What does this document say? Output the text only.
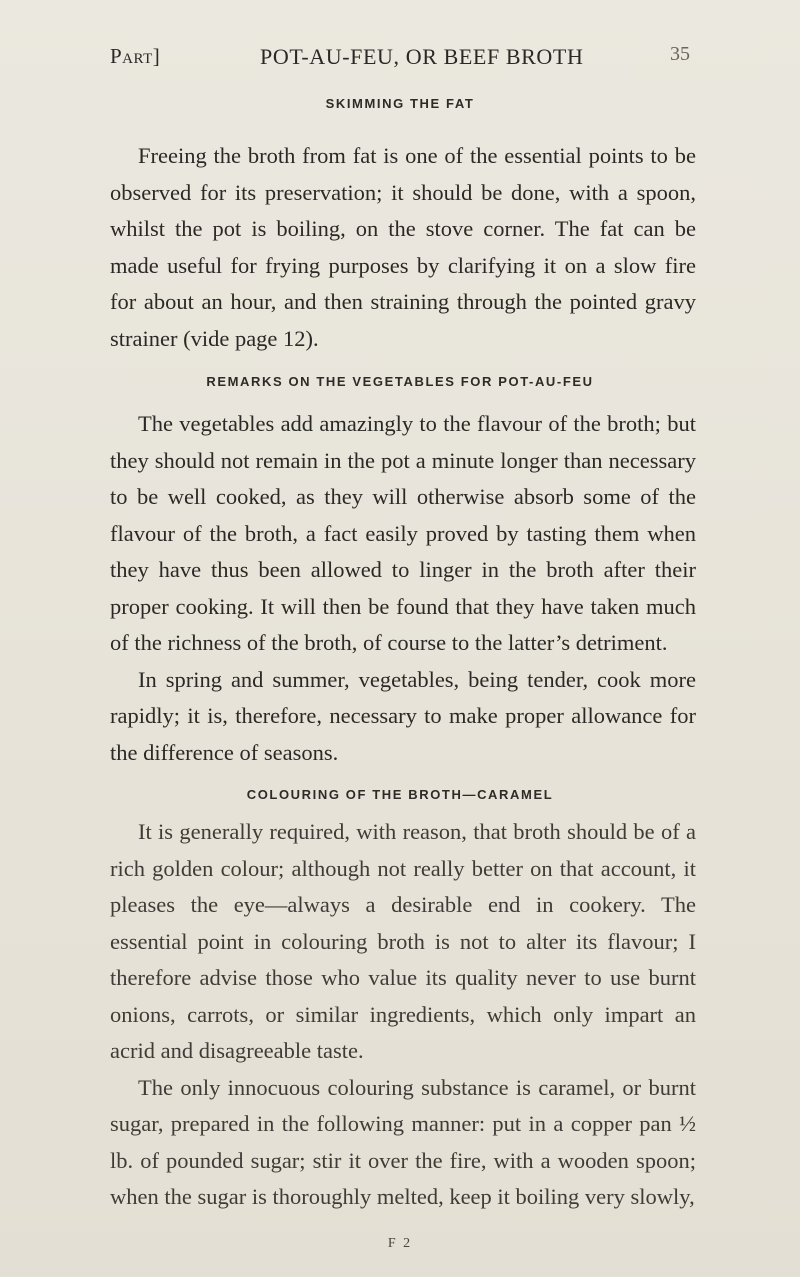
Part]	POT-AU-FEU, OR BEEF BROTH	35
SKIMMING THE FAT

Freeing the broth from fat is one of the essential points to be observed for its preservation; it should be done, with a spoon, whilst the pot is boiling, on the stove corner. The fat can be made useful for frying purposes by clarifying it on a slow fire for about an hour, and then straining through the pointed gravy strainer (vide page 12).

REMARKS ON THE VEGETABLES FOR POT-AU-FEU

The vegetables add amazingly to the flavour of the broth; but they should not remain in the pot a minute longer than necessary to be well cooked, as they will otherwise absorb some of the flavour of the broth, a fact easily proved by tasting them when they have thus been allowed to linger in the broth after their proper cooking. It will then be found that they have taken much of the richness of the broth, of course to the latter’s detriment.

In spring and summer, vegetables, being tender, cook more rapidly; it is, therefore, necessary to make proper allowance for the difference of seasons.

COLOURING OF THE BROTH—CARAMEL

It is generally required, with reason, that broth should be of a rich golden colour; although not really better on that account, it pleases the eye—always a desirable end in cookery. The essential point in colouring broth is not to alter its flavour; I therefore advise those who value its quality never to use burnt onions, carrots, or similar ingredients, which only impart an acrid and disagreeable taste.

The only innocuous colouring substance is caramel, or burnt sugar, prepared in the following manner: put in a copper pan ½ lb. of pounded sugar; stir it over the fire, with a wooden spoon; when the sugar is thoroughly melted, keep it boiling very slowly,

F 2
